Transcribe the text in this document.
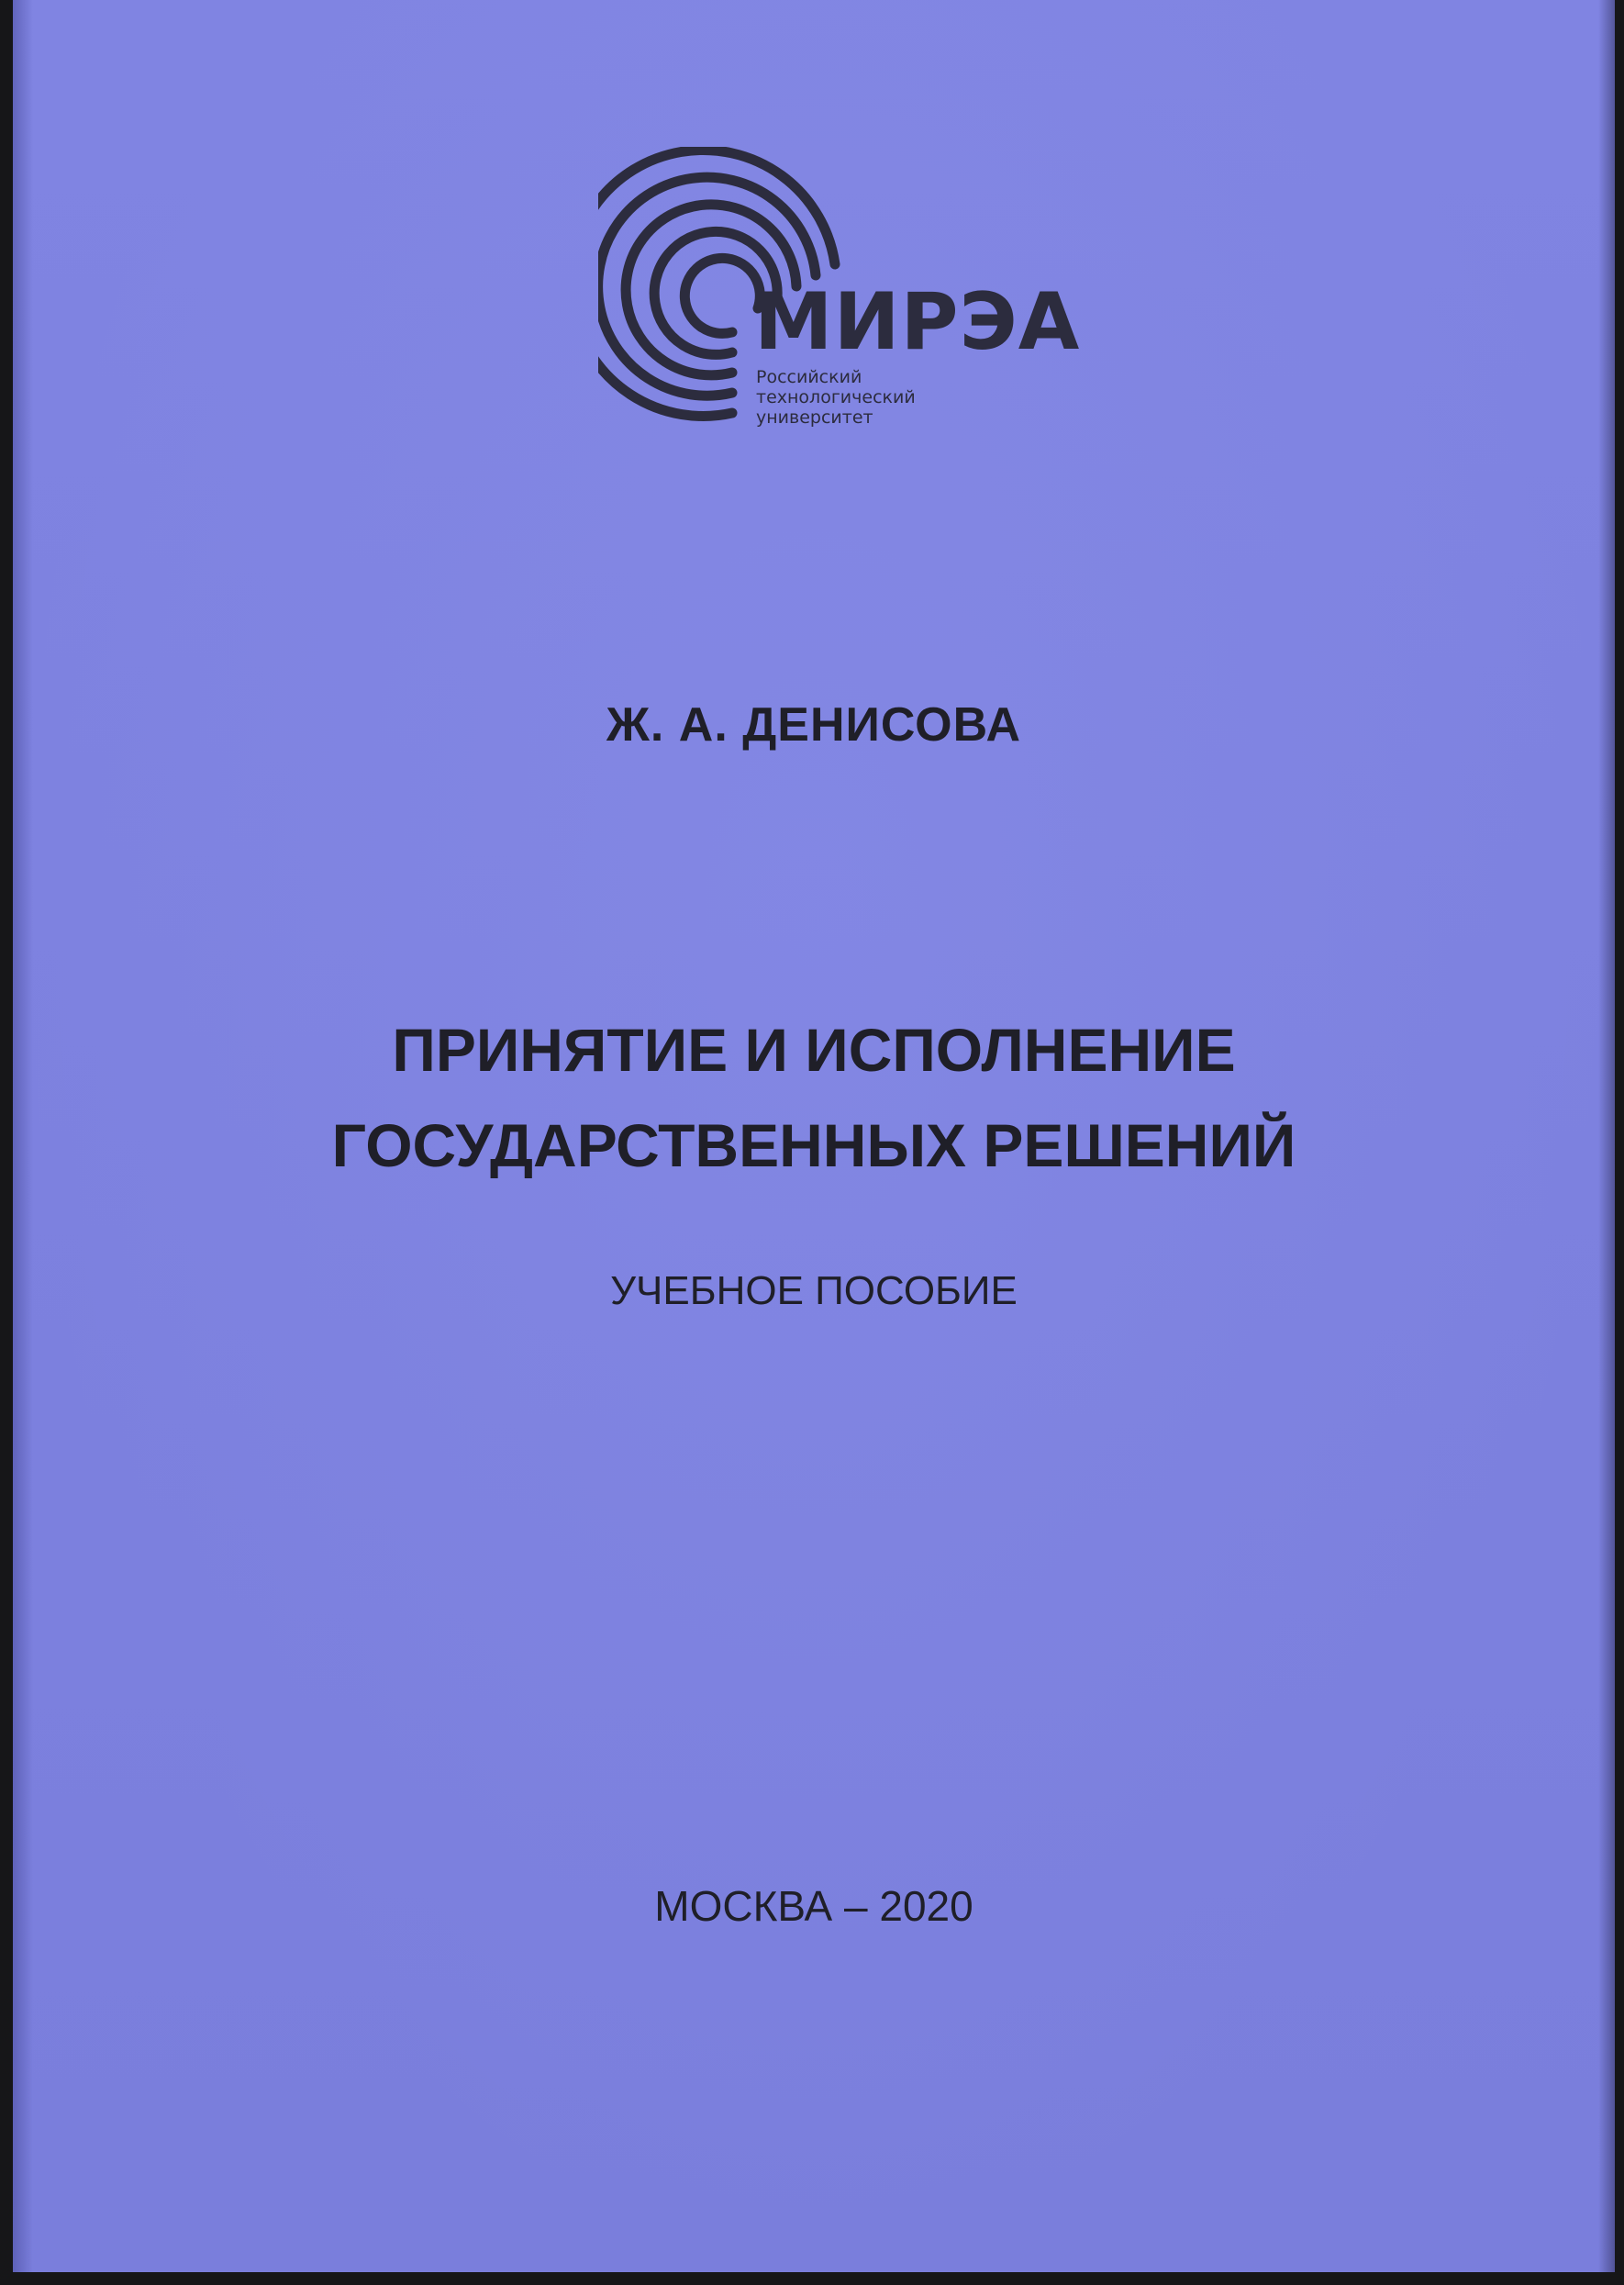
МИРЭА
Российский
технологический
университет
Ж. А. ДЕНИСОВА
ПРИНЯТИЕ И ИСПОЛНЕНИЕ
ГОСУДАРСТВЕННЫХ РЕШЕНИЙ
УЧЕБНОЕ ПОСОБИЕ
МОСКВА – 2020
